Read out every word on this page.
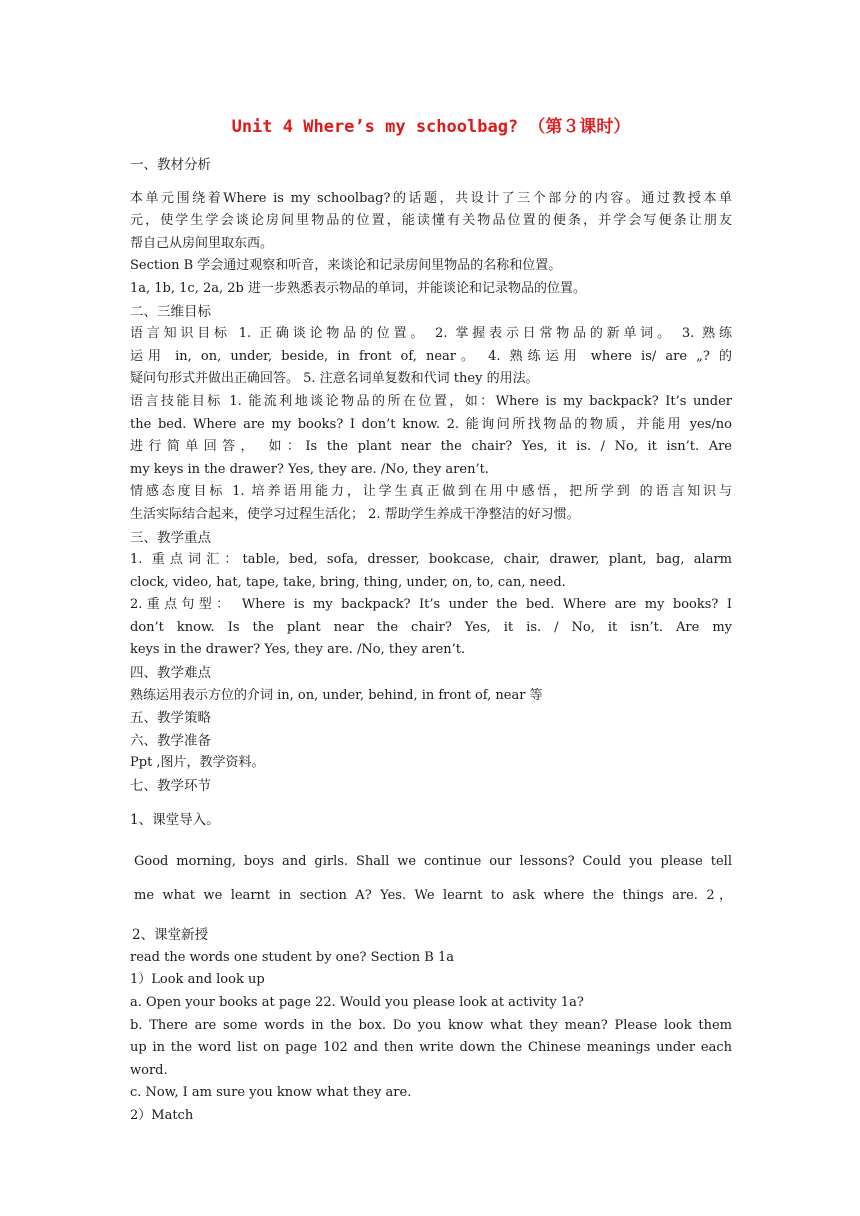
Unit 4 Where’s my schoolbag? （第３课时）
一、教材分析
本单元围绕着Where is my schoolbag?的话题，共设计了三个部分的内容。通过教授本单
元，使学生学会谈论房间里物品的位置，能读懂有关物品位置的便条，并学会写便条让朋友
帮自己从房间里取东西。
Section B 学会通过观察和听音，来谈论和记录房间里物品的名称和位置。
1a, 1b, 1c, 2a, 2b 进一步熟悉表示物品的单词，并能谈论和记录物品的位置。
二、三维目标
语言知识目标 1. 正确谈论物品的位置。 2. 掌握表示日常物品的新单词。 3. 熟练
运用 in, on, under, beside, in front of, near。 4. 熟练运用 where is/ are „? 的
疑问句形式并做出正确回答。 5. 注意名词单复数和代词 they 的用法。
语言技能目标 1. 能流利地谈论物品的所在位置，如：Where is my backpack? It’s under
the bed. Where are my books? I don’t know. 2. 能询问所找物品的物质，并能用 yes/no
进行简单回答， 如：Is the plant near the chair? Yes, it is. / No, it isn’t. Are
my keys in the drawer? Yes, they are. /No, they aren’t.
情感态度目标 1. 培养语用能力，让学生真正做到在用中感悟，把所学到 的语言知识与
生活实际结合起来，使学习过程生活化； 2. 帮助学生养成干净整洁的好习惯。
三、教学重点
1. 重点词汇：table, bed, sofa, dresser, bookcase, chair, drawer, plant, bag, alarm
clock, video, hat, tape, take, bring, thing, under, on, to, can, need.
2.重点句型： Where is my backpack? It’s under the bed. Where are my books? I
don’t know. Is the plant near the chair? Yes, it is. / No, it isn’t. Are my
keys in the drawer? Yes, they are. /No, they aren’t.
四、教学难点
熟练运用表示方位的介词 in, on, under, behind, in front of, near 等
五、教学策略
六、教学准备
Ppt ,图片，教学资料。
七、教学环节
1、课堂导入。
Good morning, boys and girls. Shall we continue our lessons? Could you please tell
me what we learnt in section A? Yes. We learnt to ask where the things are. 2，
2、课堂新授
read the words one student by one? Section B 1a
1）Look and look up
a. Open your books at page 22. Would you please look at activity 1a?
b. There are some words in the box. Do you know what they mean? Please look them
up in the word list on page 102 and then write down the Chinese meanings under each
word.
c. Now, I am sure you know what they are.
2）Match
